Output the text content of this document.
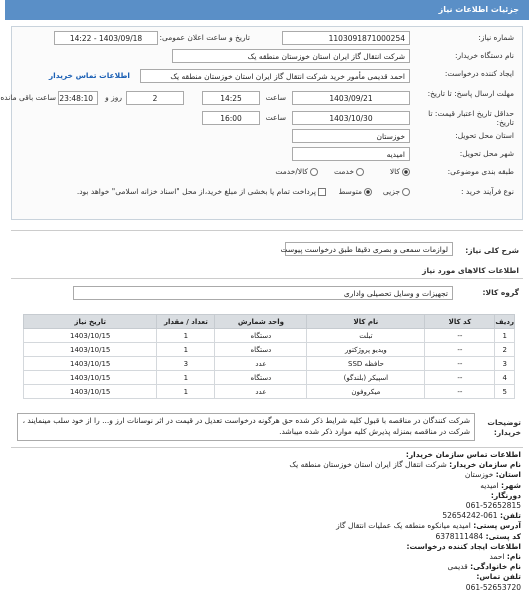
جزئیات اطلاعات نیاز
شماره نیاز:
1103091871000254
تاریخ و ساعت اعلان عمومی:
1403/09/18 - 14:22
نام دستگاه خریدار:
شرکت انتقال گاز ایران استان خوزستان منطقه یک
ایجاد کننده درخواست:
احمد قدیمی مأمور خرید شرکت انتقال گاز ایران استان خوزستان منطقه یک
اطلاعات تماس خریدار
مهلت ارسال پاسخ: تا تاریخ:
1403/09/21
ساعت
14:25
2
روز و
23:48:10
ساعت باقی مانده
حداقل تاریخ اعتبار قیمت: تا تاریخ:
1403/10/30
ساعت
16:00
استان محل تحویل:
خوزستان
شهر محل تحویل:
امیدیه
طبقه بندی موضوعی:
کالا
خدمت
کالا/خدمت
نوع فرآیند خرید :
جزیی
متوسط
پرداخت تمام یا بخشی از مبلغ خرید،از محل "اسناد خزانه اسلامی" خواهد بود.
شرح کلی نیاز:
لوازمات سمعی و بصری دقیقا طبق درخواست پیوست
اطلاعات کالاهای مورد نیاز
گروه کالا:
تجهیزات و وسایل تحصیلی واداری
ردیف	کد کالا	نام کالا	واحد شمارش	تعداد / مقدار	تاریخ نیاز
1	--	تبلت	دستگاه	1	1403/10/15
2	--	ویدیو پروژکتور	دستگاه	1	1403/10/15
3	--	حافظه SSD	عدد	3	1403/10/15
4	--	اسپیکر (بلندگو)	دستگاه	1	1403/10/15
5	--	میکروفون	عدد	1	1403/10/15
توضیحات خریدار:
شرکت کنندگان در مناقصه با قبول کلیه شرایط ذکر شده حق هرگونه درخواست تعدیل در قیمت در اثر نوسانات ارز و... را از خود سلب مینمایند ، شرکت در مناقصه بمنزله پذیرش کلیه موارد ذکر شده میباشد.
اطلاعات تماس سازمان خریدار:
نام سازمان خریدار: شرکت انتقال گاز ایران استان خوزستان منطقه یک
استان: خوزستان
شهر: امیدیه
دورنگار:
061-52652815
تلفن: 061-52654242
آدرس پستی: امیدیه میانکوه منطقه یک عملیات انتقال گاز
کد پستی: 6378111484
اطلاعات ایجاد کننده درخواست:
نام: احمد
نام خانوادگی: قدیمی
تلفن تماس:
061-52653720
